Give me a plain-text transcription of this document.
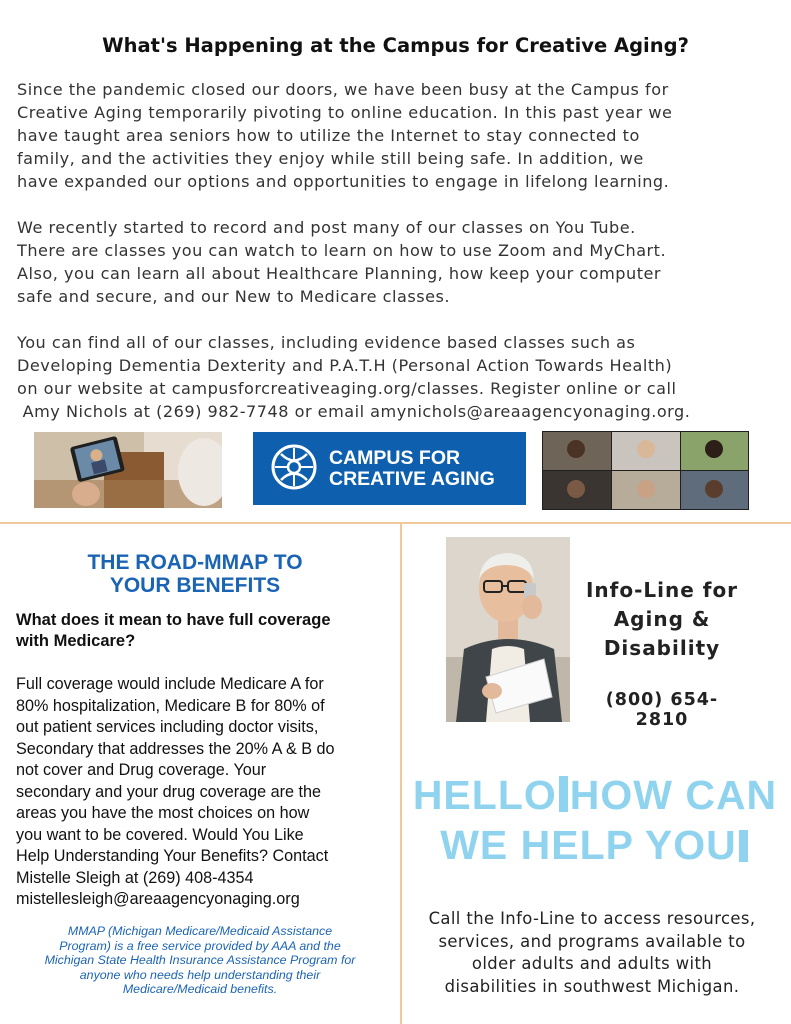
What's Happening at the Campus for Creative Aging?

Since the pandemic closed our doors, we have been busy at the Campus for
Creative Aging temporarily pivoting to online education. In this past year we
have taught area seniors how to utilize the Internet to stay connected to
family, and the activities they enjoy while still being safe. In addition, we
have expanded our options and opportunities to engage in lifelong learning.

We recently started to record and post many of our classes on You Tube.
There are classes you can watch to learn on how to use Zoom and MyChart.
Also, you can learn all about Healthcare Planning, how keep your computer
safe and secure, and our New to Medicare classes.

You can find all of our classes, including evidence based classes such as
Developing Dementia Dexterity and P.A.T.H (Personal Action Towards Health)
on our website at campusforcreativeaging.org/classes. Register online or call
Amy Nichols at (269) 982-7748 or email amynichols@areaagencyonaging.org.

CAMPUS FOR
CREATIVE AGING
THE ROAD-MMAP TO
YOUR BENEFITS
What does it mean to have full coverage
with Medicare?
Full coverage would include Medicare A for
80% hospitalization, Medicare B for 80% of
out patient services including doctor visits,
Secondary that addresses the 20% A & B do
not cover and Drug coverage. Your
secondary and your drug coverage are the
areas you have the most choices on how
you want to be covered. Would You Like
Help Understanding Your Benefits? Contact
Mistelle Sleigh at (269) 408-4354
mistellesleigh@areaagencyonaging.org
MMAP (Michigan Medicare/Medicaid Assistance
Program) is a free service provided by AAA and the
Michigan State Health Insurance Assistance Program for
anyone who needs help understanding their
Medicare/Medicaid benefits.
Info-Line for
Aging &
Disability
(800) 654-2810
HELLO HOW CAN
WE HELP YOU
Call the Info-Line to access resources,
services, and programs available to
older adults and adults with
disabilities in southwest Michigan.
